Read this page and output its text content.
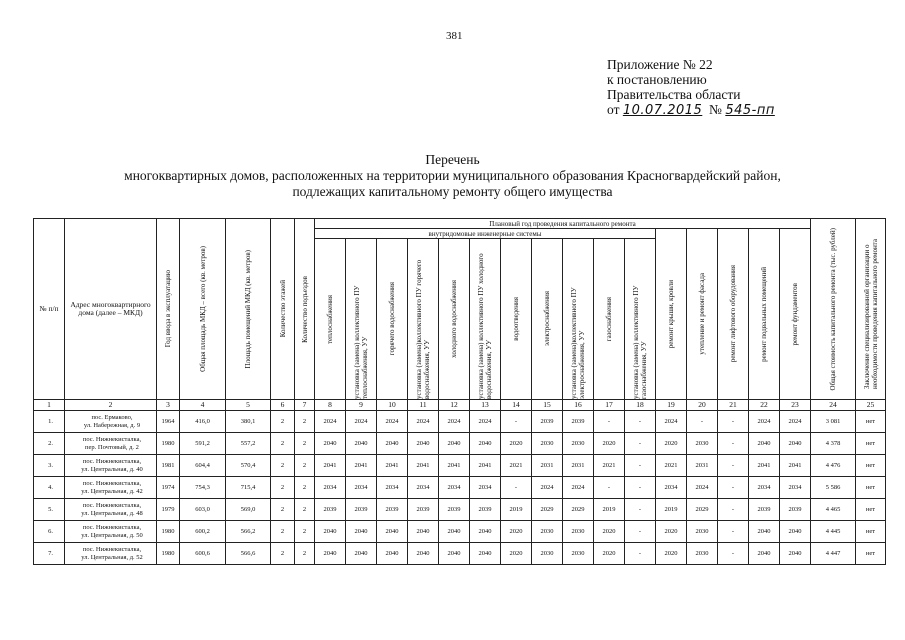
381
Приложение № 22
к постановлению
Правительства области
от 10.07.2015 № 545-пп
Перечень
многоквартирных домов, расположенных на территории муниципального образования Красногвардейский район,
подлежащих капитальному ремонту общего имущества
№ п/п	Адрес многоквартирного дома (далее – МКД)	Год ввода в эксплуатацию	Общая площадь МКД – всего (кв. метров)	Площадь помещений МКД (кв. метров)	Количество этажей	Количество подъездов	Плановый год проведения капитального ремонта																Общая стоимость капитального ремонта (тыс. рублей)	Заключение специализированной организации о необходимости проведения капитального ремонта

							внутридомовые инженерные системы											ремонт крыши, кровли	утепление и ремонт фасада	ремонт лифтового оборудования	ремонт подвальных помещений	ремонт фундаментов		

							теплоснабжения	установка (замена) коллективного ПУ теплоснабжения, УУ	горячего водоснабжения	установка (замена)коллективного ПУ горячего водоснабжения, УУ	холодного водоснабжения	установка (замена) коллективного ПУ холодного водоснабжения, УУ	водоотведения	электроснабжения	установка (замена)коллективного ПУ электроснабжения, УУ	газоснабжения	установка (замена) коллективного ПУ газоснабжения, УУ							

1	2	3	4	5	6	7	8	9	10	11	12	13	14	15	16	17	18	19	20	21	22	23	24	25
1.	пос. Ермаково,
ул. Набережная, д. 9	1964	416,0	380,1	2	2	2024	2024	2024	2024	2024	2024	-	2039	2039	-	-	2024	-	-	2024	2024	3 081	нет
2.	пос. Нижнекисталка,
пер. Почтовый, д. 2	1980	591,2	557,2	2	2	2040	2040	2040	2040	2040	2040	2020	2030	2030	2020	-	2020	2030	-	2040	2040	4 378	нет
3.	пос. Нижнекисталка,
ул. Центральная, д. 40	1981	604,4	570,4	2	2	2041	2041	2041	2041	2041	2041	2021	2031	2031	2021	-	2021	2031	-	2041	2041	4 476	нет
4.	пос. Нижнекисталка,
ул. Центральная, д. 42	1974	754,3	715,4	2	2	2034	2034	2034	2034	2034	2034	-	2024	2024	-	-	2034	2024	-	2034	2034	5 586	нет
5.	пос. Нижнекисталка,
ул. Центральная, д. 48	1979	603,0	569,0	2	2	2039	2039	2039	2039	2039	2039	2019	2029	2029	2019	-	2019	2029	-	2039	2039	4 465	нет
6.	пос. Нижнекисталка,
ул. Центральная, д. 50	1980	600,2	566,2	2	2	2040	2040	2040	2040	2040	2040	2020	2030	2030	2020	-	2020	2030	-	2040	2040	4 445	нет
7.	пос. Нижнекисталка,
ул. Центральная, д. 52	1980	600,6	566,6	2	2	2040	2040	2040	2040	2040	2040	2020	2030	2030	2020	-	2020	2030	-	2040	2040	4 447	нет
